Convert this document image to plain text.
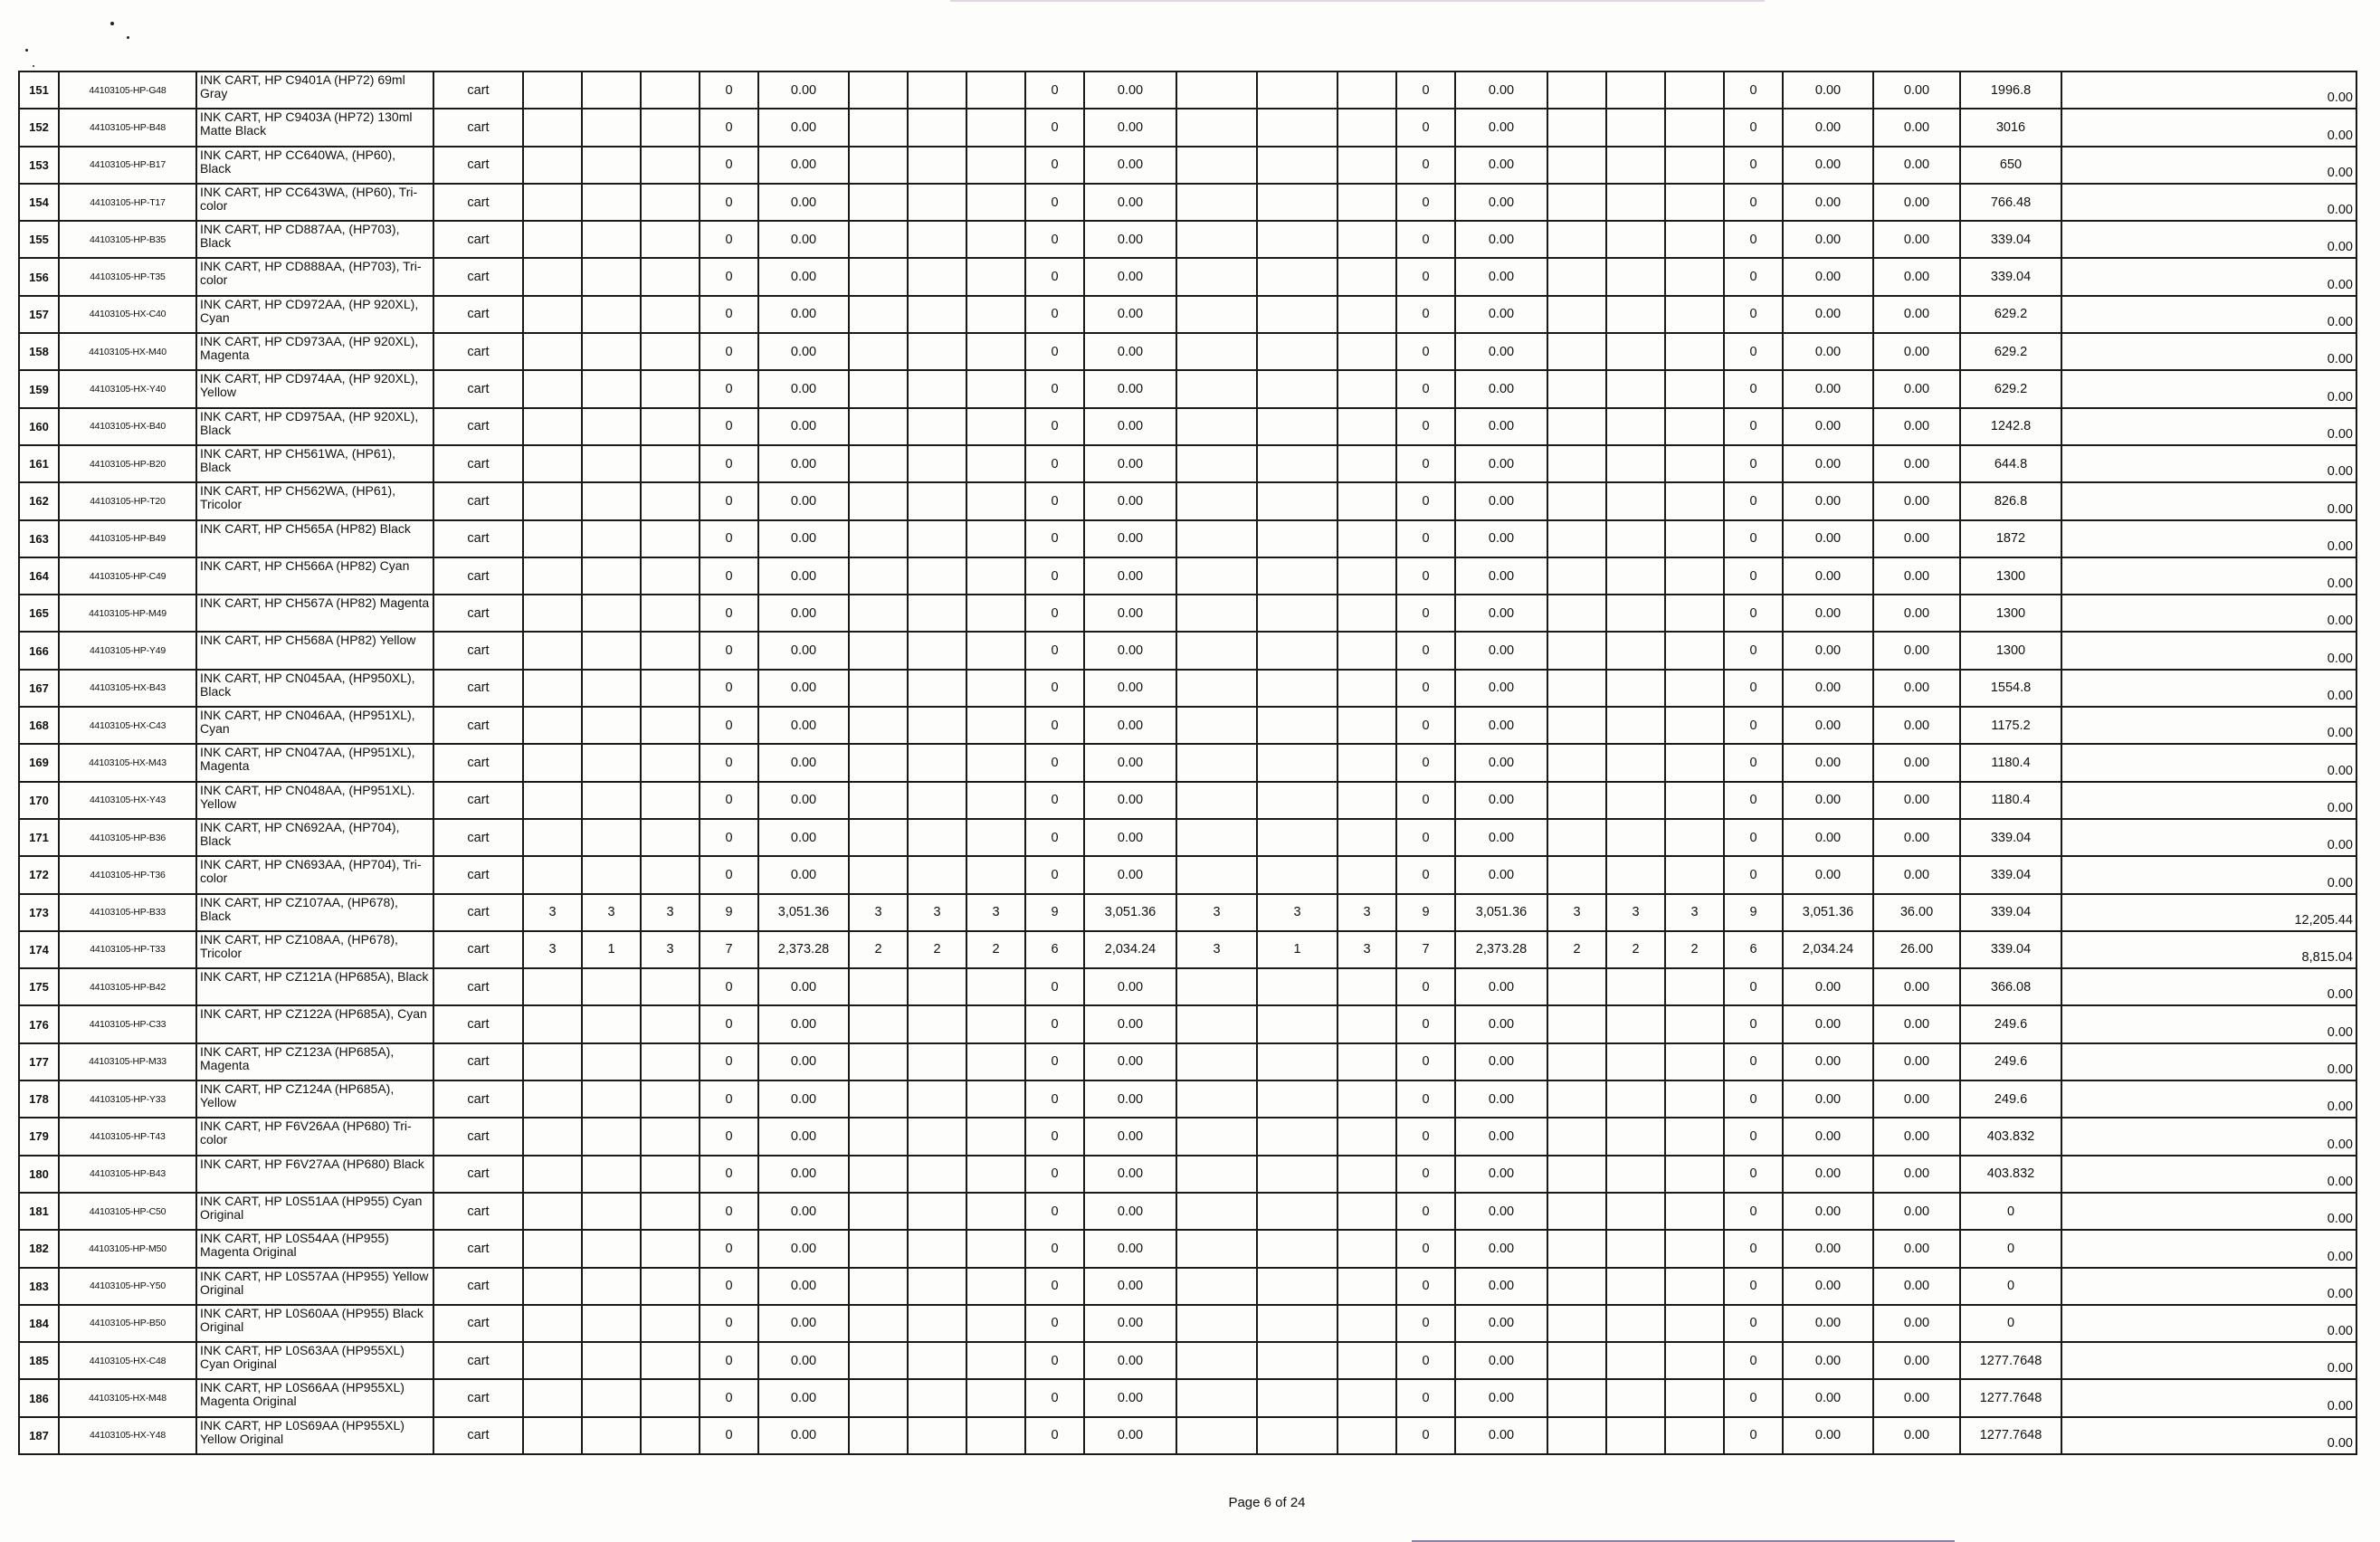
151	44103105-HP-G48	INK CART, HP C9401A (HP72) 69ml Gray	cart				0	0.00				0	0.00				0	0.00				0	0.00	0.00	1996.8	0.00
152	44103105-HP-B48	INK CART, HP C9403A (HP72) 130ml Matte Black	cart				0	0.00				0	0.00				0	0.00				0	0.00	0.00	3016	0.00
153	44103105-HP-B17	INK CART, HP CC640WA, (HP60), Black	cart				0	0.00				0	0.00				0	0.00				0	0.00	0.00	650	0.00
154	44103105-HP-T17	INK CART, HP CC643WA, (HP60), Tri-color	cart				0	0.00				0	0.00				0	0.00				0	0.00	0.00	766.48	0.00
155	44103105-HP-B35	INK CART, HP CD887AA, (HP703), Black	cart				0	0.00				0	0.00				0	0.00				0	0.00	0.00	339.04	0.00
156	44103105-HP-T35	INK CART, HP CD888AA, (HP703), Tri-color	cart				0	0.00				0	0.00				0	0.00				0	0.00	0.00	339.04	0.00
157	44103105-HX-C40	INK CART, HP CD972AA, (HP 920XL), Cyan	cart				0	0.00				0	0.00				0	0.00				0	0.00	0.00	629.2	0.00
158	44103105-HX-M40	INK CART, HP CD973AA, (HP 920XL), Magenta	cart				0	0.00				0	0.00				0	0.00				0	0.00	0.00	629.2	0.00
159	44103105-HX-Y40	INK CART, HP CD974AA, (HP 920XL), Yellow	cart				0	0.00				0	0.00				0	0.00				0	0.00	0.00	629.2	0.00
160	44103105-HX-B40	INK CART, HP CD975AA, (HP 920XL), Black	cart				0	0.00				0	0.00				0	0.00				0	0.00	0.00	1242.8	0.00
161	44103105-HP-B20	INK CART, HP CH561WA, (HP61), Black	cart				0	0.00				0	0.00				0	0.00				0	0.00	0.00	644.8	0.00
162	44103105-HP-T20	INK CART, HP CH562WA, (HP61), Tricolor	cart				0	0.00				0	0.00				0	0.00				0	0.00	0.00	826.8	0.00
163	44103105-HP-B49	INK CART, HP CH565A (HP82) Black	cart				0	0.00				0	0.00				0	0.00				0	0.00	0.00	1872	0.00
164	44103105-HP-C49	INK CART, HP CH566A (HP82) Cyan	cart				0	0.00				0	0.00				0	0.00				0	0.00	0.00	1300	0.00
165	44103105-HP-M49	INK CART, HP CH567A (HP82) Magenta	cart				0	0.00				0	0.00				0	0.00				0	0.00	0.00	1300	0.00
166	44103105-HP-Y49	INK CART, HP CH568A (HP82) Yellow	cart				0	0.00				0	0.00				0	0.00				0	0.00	0.00	1300	0.00
167	44103105-HX-B43	INK CART, HP CN045AA, (HP950XL), Black	cart				0	0.00				0	0.00				0	0.00				0	0.00	0.00	1554.8	0.00
168	44103105-HX-C43	INK CART, HP CN046AA, (HP951XL), Cyan	cart				0	0.00				0	0.00				0	0.00				0	0.00	0.00	1175.2	0.00
169	44103105-HX-M43	INK CART, HP CN047AA, (HP951XL), Magenta	cart				0	0.00				0	0.00				0	0.00				0	0.00	0.00	1180.4	0.00
170	44103105-HX-Y43	INK CART, HP CN048AA, (HP951XL). Yellow	cart				0	0.00				0	0.00				0	0.00				0	0.00	0.00	1180.4	0.00
171	44103105-HP-B36	INK CART, HP CN692AA, (HP704), Black	cart				0	0.00				0	0.00				0	0.00				0	0.00	0.00	339.04	0.00
172	44103105-HP-T36	INK CART, HP CN693AA, (HP704), Tri-color	cart				0	0.00				0	0.00				0	0.00				0	0.00	0.00	339.04	0.00
173	44103105-HP-B33	INK CART, HP CZ107AA, (HP678), Black	cart	3	3	3	9	3,051.36	3	3	3	9	3,051.36	3	3	3	9	3,051.36	3	3	3	9	3,051.36	36.00	339.04	12,205.44
174	44103105-HP-T33	INK CART, HP CZ108AA, (HP678), Tricolor	cart	3	1	3	7	2,373.28	2	2	2	6	2,034.24	3	1	3	7	2,373.28	2	2	2	6	2,034.24	26.00	339.04	8,815.04
175	44103105-HP-B42	INK CART, HP CZ121A (HP685A), Black	cart				0	0.00				0	0.00				0	0.00				0	0.00	0.00	366.08	0.00
176	44103105-HP-C33	INK CART, HP CZ122A (HP685A), Cyan	cart				0	0.00				0	0.00				0	0.00				0	0.00	0.00	249.6	0.00
177	44103105-HP-M33	INK CART, HP CZ123A (HP685A), Magenta	cart				0	0.00				0	0.00				0	0.00				0	0.00	0.00	249.6	0.00
178	44103105-HP-Y33	INK CART, HP CZ124A (HP685A), Yellow	cart				0	0.00				0	0.00				0	0.00				0	0.00	0.00	249.6	0.00
179	44103105-HP-T43	INK CART, HP F6V26AA (HP680) Tri-color	cart				0	0.00				0	0.00				0	0.00				0	0.00	0.00	403.832	0.00
180	44103105-HP-B43	INK CART, HP F6V27AA (HP680) Black	cart				0	0.00				0	0.00				0	0.00				0	0.00	0.00	403.832	0.00
181	44103105-HP-C50	INK CART, HP L0S51AA (HP955) Cyan Original	cart				0	0.00				0	0.00				0	0.00				0	0.00	0.00	0	0.00
182	44103105-HP-M50	INK CART, HP L0S54AA (HP955) Magenta Original	cart				0	0.00				0	0.00				0	0.00				0	0.00	0.00	0	0.00
183	44103105-HP-Y50	INK CART, HP L0S57AA (HP955) Yellow Original	cart				0	0.00				0	0.00				0	0.00				0	0.00	0.00	0	0.00
184	44103105-HP-B50	INK CART, HP L0S60AA (HP955) Black Original	cart				0	0.00				0	0.00				0	0.00				0	0.00	0.00	0	0.00
185	44103105-HX-C48	INK CART, HP L0S63AA (HP955XL) Cyan Original	cart				0	0.00				0	0.00				0	0.00				0	0.00	0.00	1277.7648	0.00
186	44103105-HX-M48	INK CART, HP L0S66AA (HP955XL) Magenta Original	cart				0	0.00				0	0.00				0	0.00				0	0.00	0.00	1277.7648	0.00
187	44103105-HX-Y48	INK CART, HP L0S69AA (HP955XL) Yellow Original	cart				0	0.00				0	0.00				0	0.00				0	0.00	0.00	1277.7648	0.00
Page 6 of 24
